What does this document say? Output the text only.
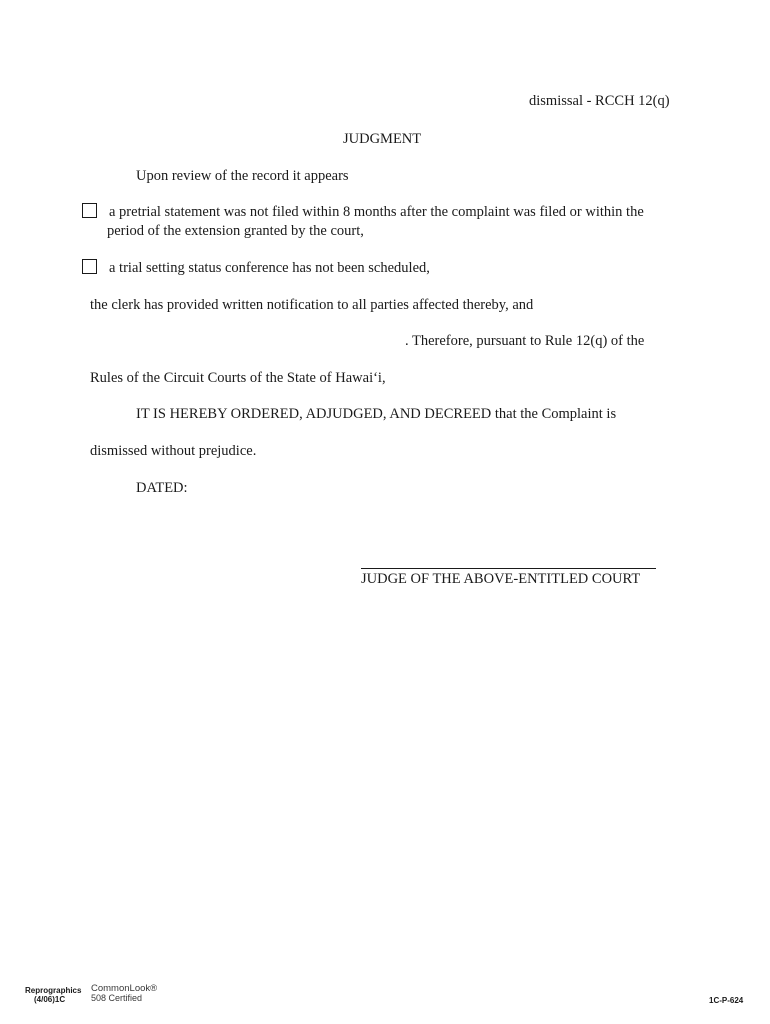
dismissal - RCCH 12(q)
JUDGMENT
Upon review of the record it appears
a pretrial statement was not filed within 8 months after the complaint was filed or within the
period of the extension granted by the court,
a trial setting status conference has not been scheduled,
the clerk has provided written notification to all parties affected thereby, and
. Therefore, pursuant to Rule 12(q) of the
Rules of the Circuit Courts of the State of Hawai‘i,
IT IS HEREBY ORDERED, ADJUDGED, AND DECREED that the Complaint is
dismissed without prejudice.
DATED:
JUDGE OF THE ABOVE-ENTITLED COURT
Reprographics
(4/06)1C
CommonLook®
508 Certified	1C-P-624
